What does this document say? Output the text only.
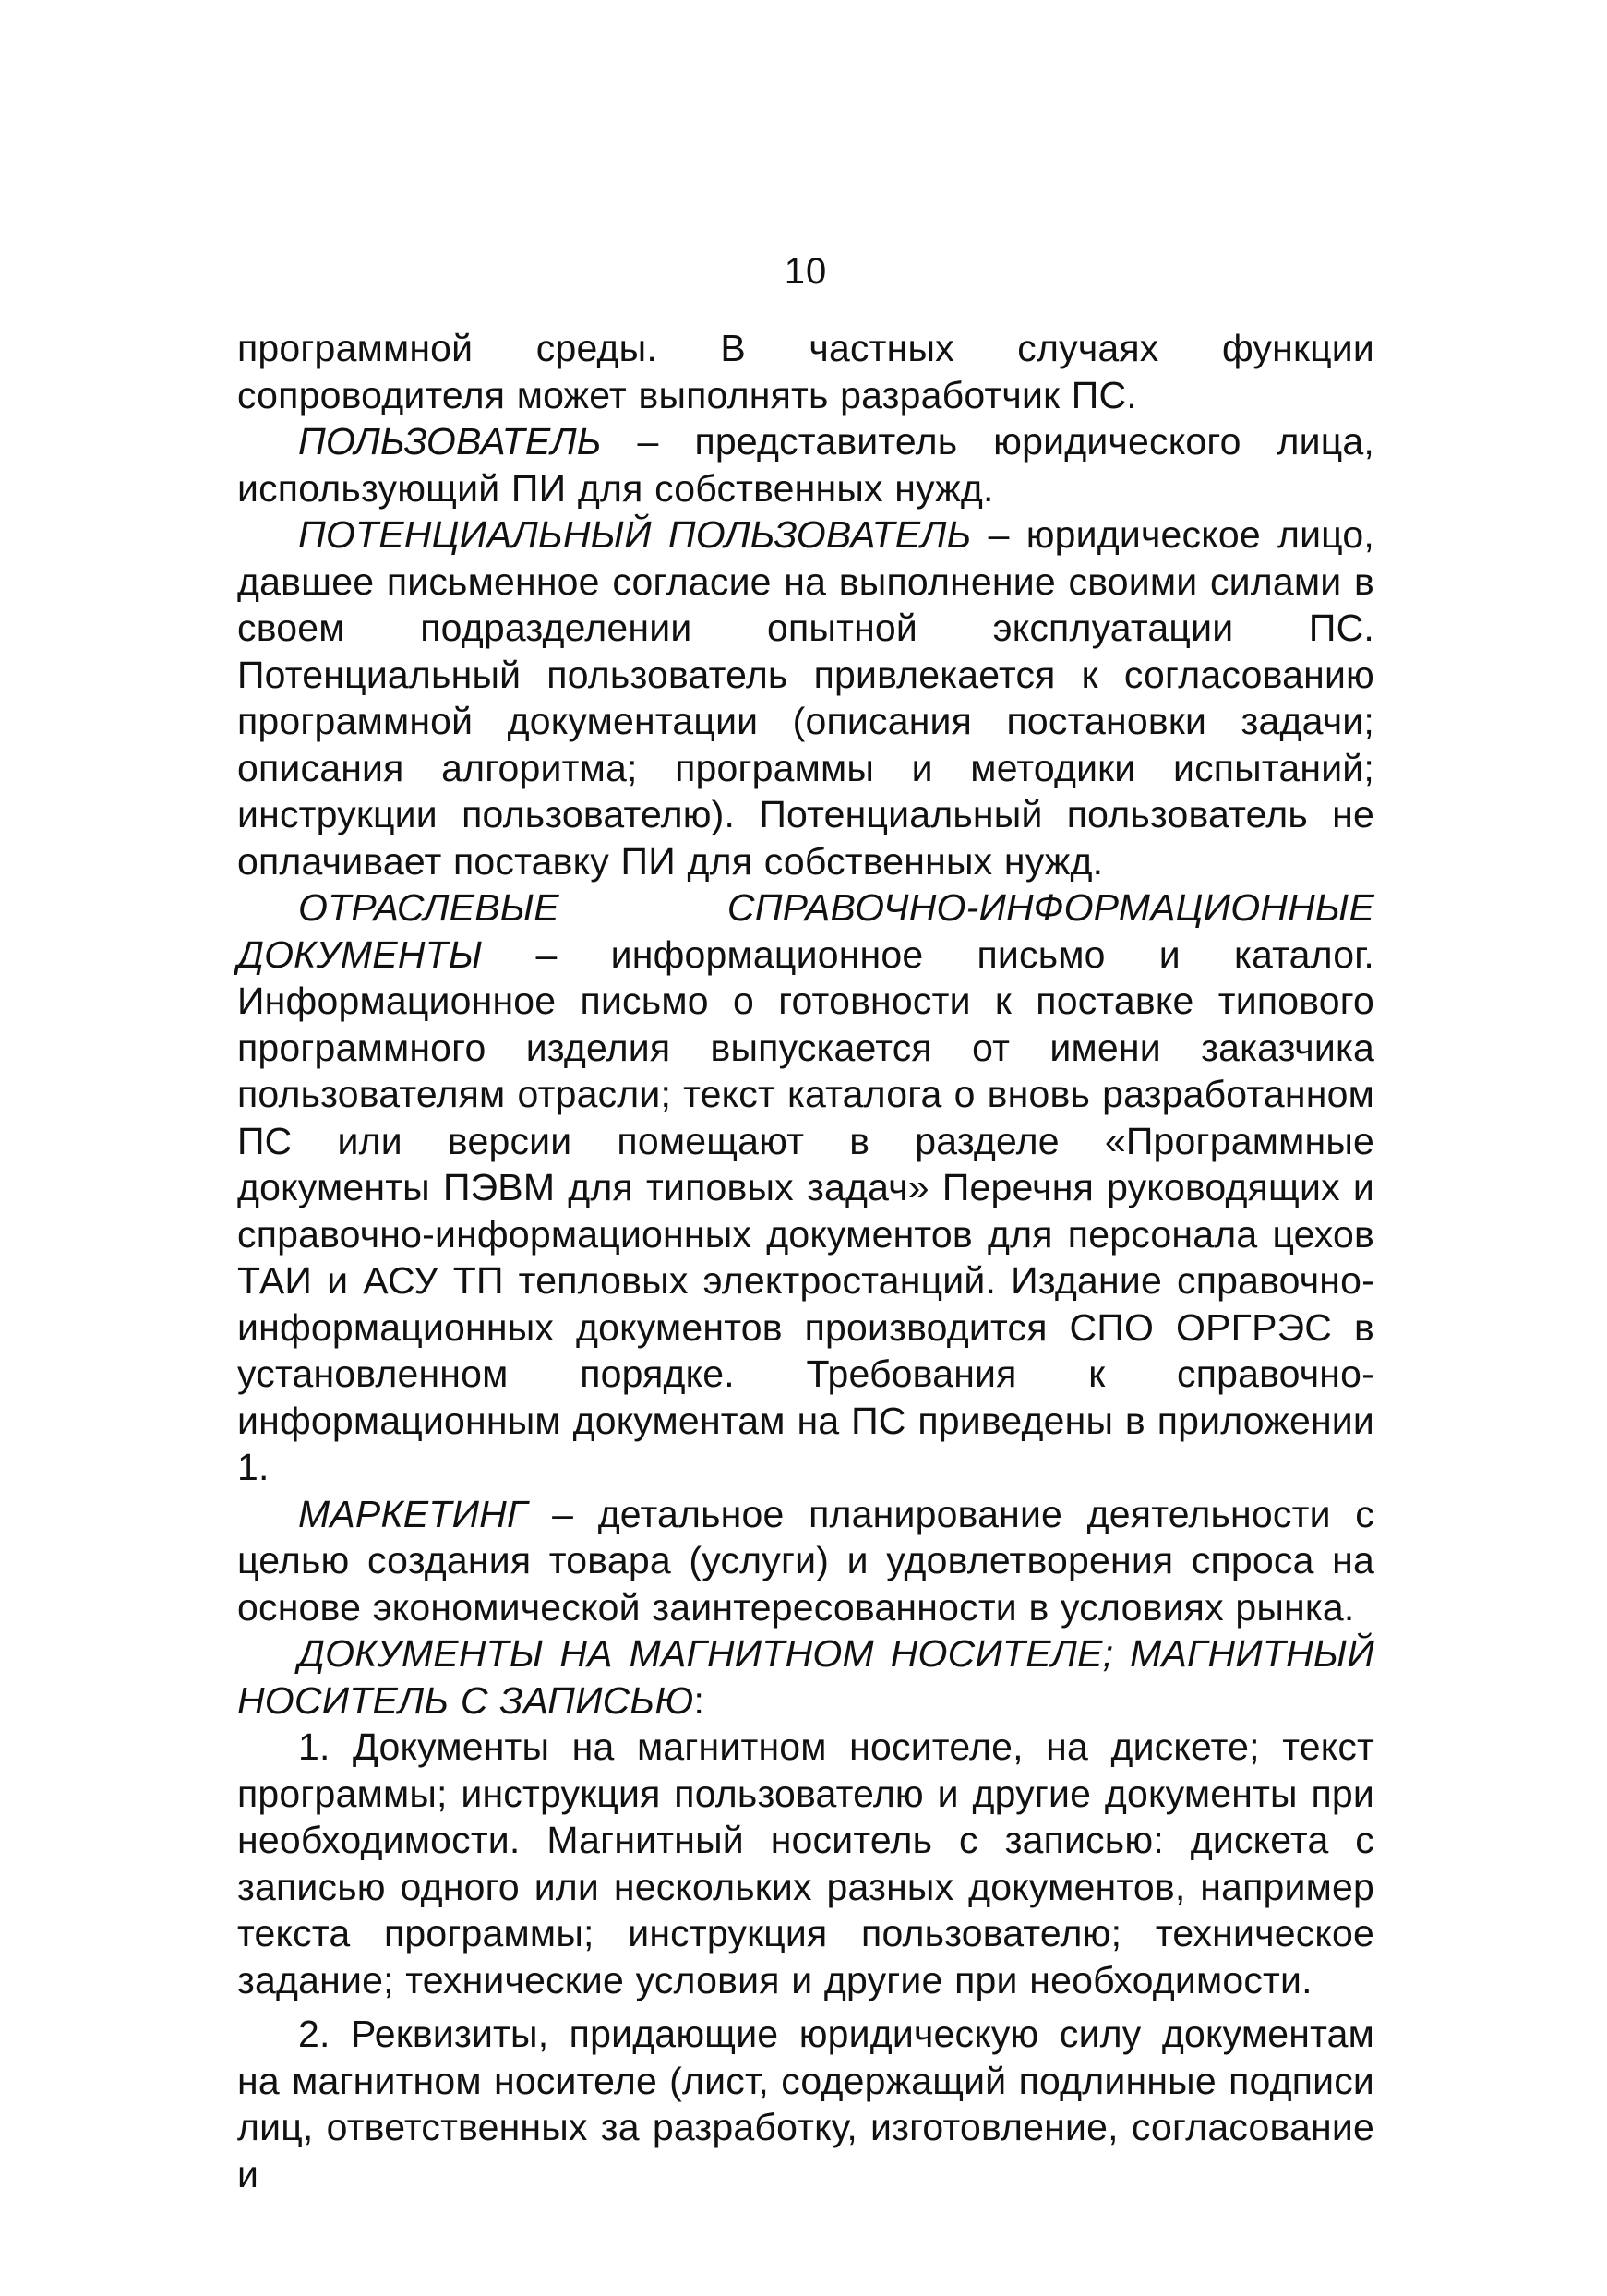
10

программной среды. В частных случаях функции сопроводителя может выполнять разработчик ПС.

ПОЛЬЗОВАТЕЛЬ – представитель юридического лица, использующий ПИ для собственных нужд.

ПОТЕНЦИАЛЬНЫЙ ПОЛЬЗОВАТЕЛЬ – юридическое лицо, давшее письменное согласие на выполнение своими силами в своем подразделении опытной эксплуатации ПС. Потенциальный пользователь привлекается к согласованию программной документации (описания постановки задачи; описания алгоритма; программы и методики испытаний; инструкции пользователю). Потенциальный пользователь не оплачивает поставку ПИ для собственных нужд.

ОТРАСЛЕВЫЕ СПРАВОЧНО-ИНФОРМАЦИОННЫЕ ДОКУМЕНТЫ – информационное письмо и каталог. Информационное письмо о готовности к поставке типового программного изделия выпускается от имени заказчика пользователям отрасли; текст каталога о вновь разработанном ПС или версии помещают в разделе «Программные документы ПЭВМ для типовых задач» Перечня руководящих и справочно-информационных документов для персонала цехов ТАИ и АСУ ТП тепловых электростанций. Издание справочно-информационных документов производится СПО ОРГРЭС в установленном порядке. Требования к справочно-информационным документам на ПС приведены в приложении 1.

МАРКЕТИНГ – детальное планирование деятельности с целью создания товара (услуги) и удовлетворения спроса на основе экономической заинтересованности в условиях рынка.

ДОКУМЕНТЫ НА МАГНИТНОМ НОСИТЕЛЕ; МАГНИТНЫЙ НОСИТЕЛЬ С ЗАПИСЬЮ:

1. Документы на магнитном носителе, на дискете; текст программы; инструкция пользователю и другие документы при необходимости. Магнитный носитель с записью: дискета с записью одного или нескольких разных документов, например текста программы; инструкция пользователю; техническое задание; технические условия и другие при необходимости.

2. Реквизиты, придающие юридическую силу документам на магнитном носителе (лист, содержащий подлинные подписи лиц, ответственных за разработку, изготовление, согласование и
